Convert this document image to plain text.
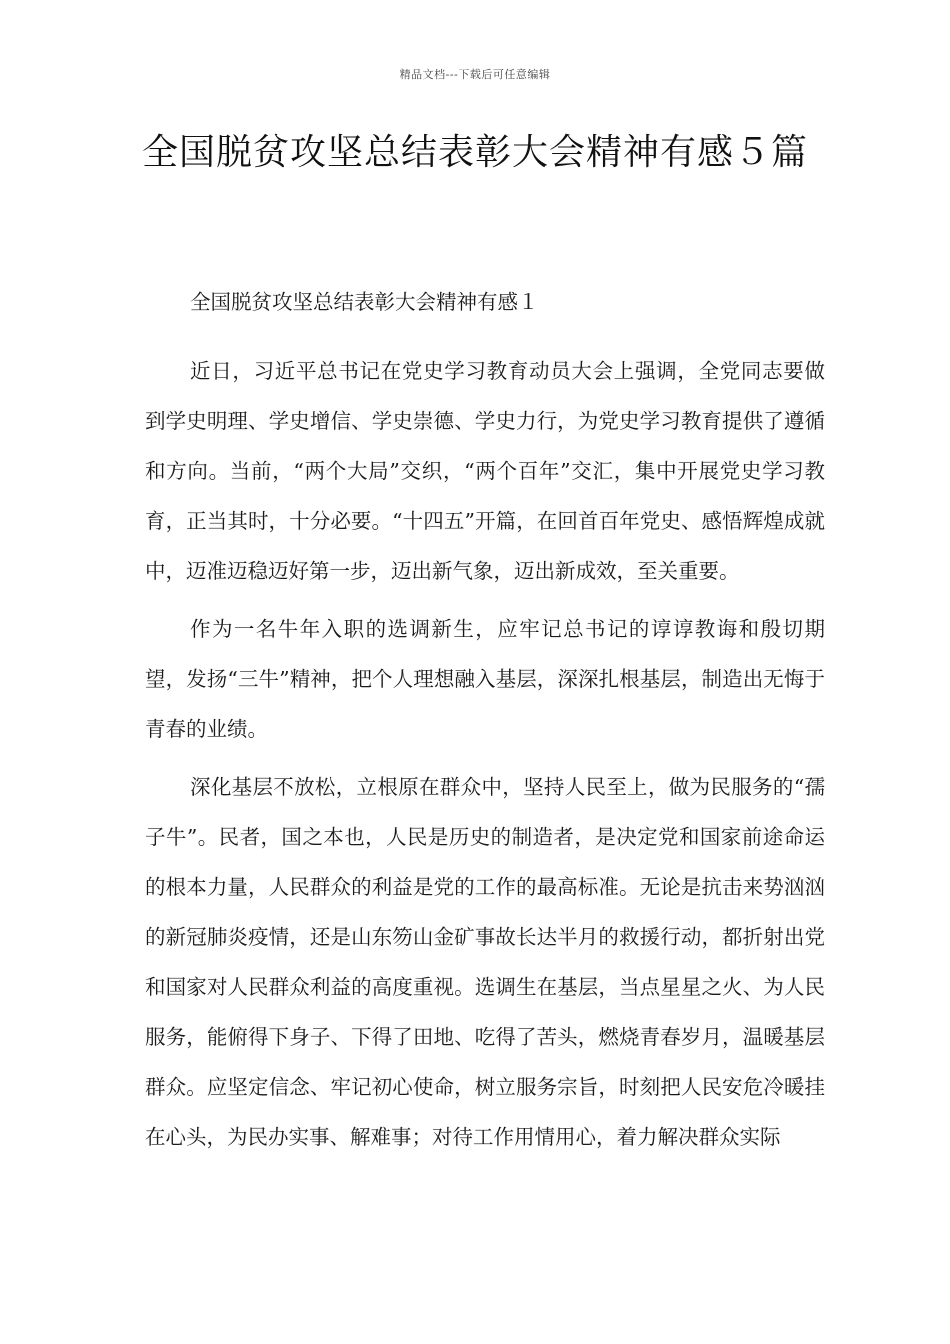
精品文档---下载后可任意编辑
全国脱贫攻坚总结表彰大会精神有感５篇

全国脱贫攻坚总结表彰大会精神有感１

近日，习近平总书记在党史学习教育动员大会上强调，全党同志要做到学史明理、学史增信、学史崇德、学史力行，为党史学习教育提供了遵循和方向。当前，“两个大局”交织，“两个百年”交汇，集中开展党史学习教育，正当其时，十分必要。“十四五”开篇，在回首百年党史、感悟辉煌成就中，迈准迈稳迈好第一步，迈出新气象，迈出新成效，至关重要。

作为一名牛年入职的选调新生，应牢记总书记的谆谆教诲和殷切期望，发扬“三牛”精神，把个人理想融入基层，深深扎根基层，制造出无悔于青春的业绩。

深化基层不放松，立根原在群众中，坚持人民至上，做为民服务的“孺子牛”。民者，国之本也，人民是历史的制造者，是决定党和国家前途命运的根本力量，人民群众的利益是党的工作的最高标准。无论是抗击来势汹汹的新冠肺炎疫情，还是山东笏山金矿事故长达半月的救援行动，都折射出党和国家对人民群众利益的高度重视。选调生在基层，当点星星之火、为人民服务，能俯得下身子、下得了田地、吃得了苦头，燃烧青春岁月，温暖基层群众。应坚定信念、牢记初心使命，树立服务宗旨，时刻把人民安危冷暖挂在心头，为民办实事、解难事；对待工作用情用心，着力解决群众实际
